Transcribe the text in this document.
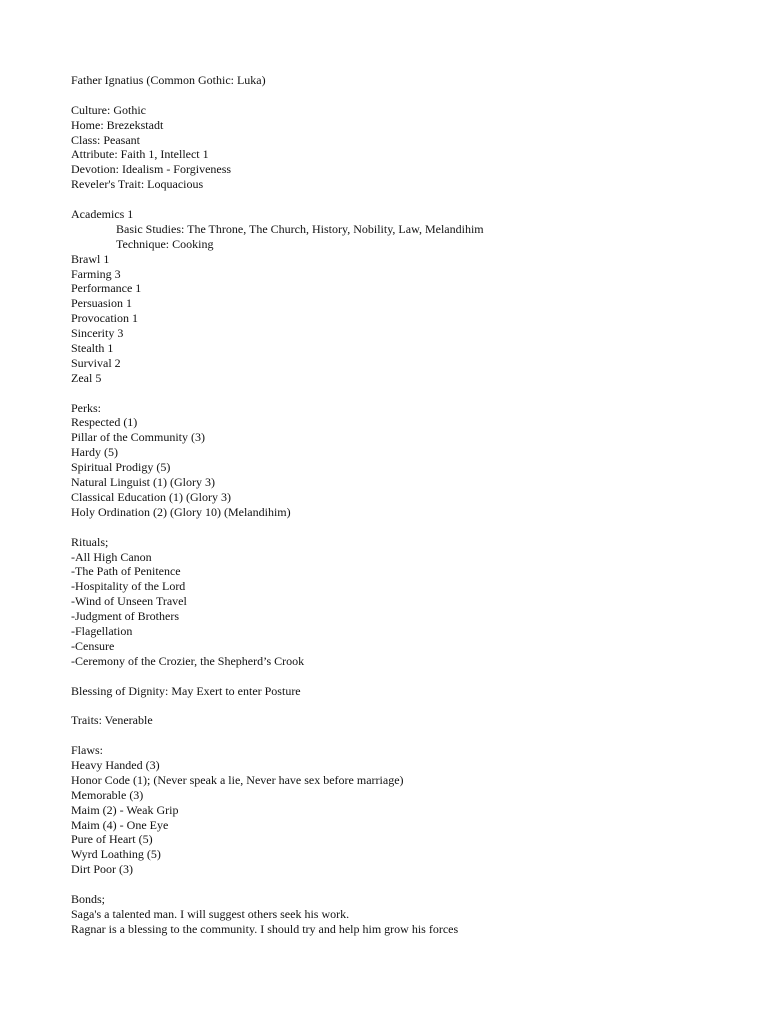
Father Ignatius (Common Gothic: Luka)
Culture: Gothic
Home: Brezekstadt
Class: Peasant
Attribute: Faith 1, Intellect 1
Devotion: Idealism - Forgiveness
Reveler's Trait: Loquacious
Academics 1
Basic Studies: The Throne, The Church, History, Nobility, Law, Melandihim
Technique: Cooking
Brawl 1
Farming 3
Performance 1
Persuasion 1
Provocation 1
Sincerity 3
Stealth 1
Survival 2
Zeal 5
Perks:
Respected (1)
Pillar of the Community (3)
Hardy (5)
Spiritual Prodigy (5)
Natural Linguist (1) (Glory 3)
Classical Education (1) (Glory 3)
Holy Ordination (2) (Glory 10) (Melandihim)
Rituals;
-All High Canon
-The Path of Penitence
-Hospitality of the Lord
-Wind of Unseen Travel
-Judgment of Brothers
-Flagellation
-Censure
-Ceremony of the Crozier, the Shepherd’s Crook
Blessing of Dignity: May Exert to enter Posture
Traits: Venerable
Flaws:
Heavy Handed (3)
Honor Code (1); (Never speak a lie, Never have sex before marriage)
Memorable (3)
Maim (2) - Weak Grip
Maim (4) - One Eye
Pure of Heart (5)
Wyrd Loathing (5)
Dirt Poor (3)
Bonds;
Saga's a talented man. I will suggest others seek his work.
Ragnar is a blessing to the community. I should try and help him grow his forces
